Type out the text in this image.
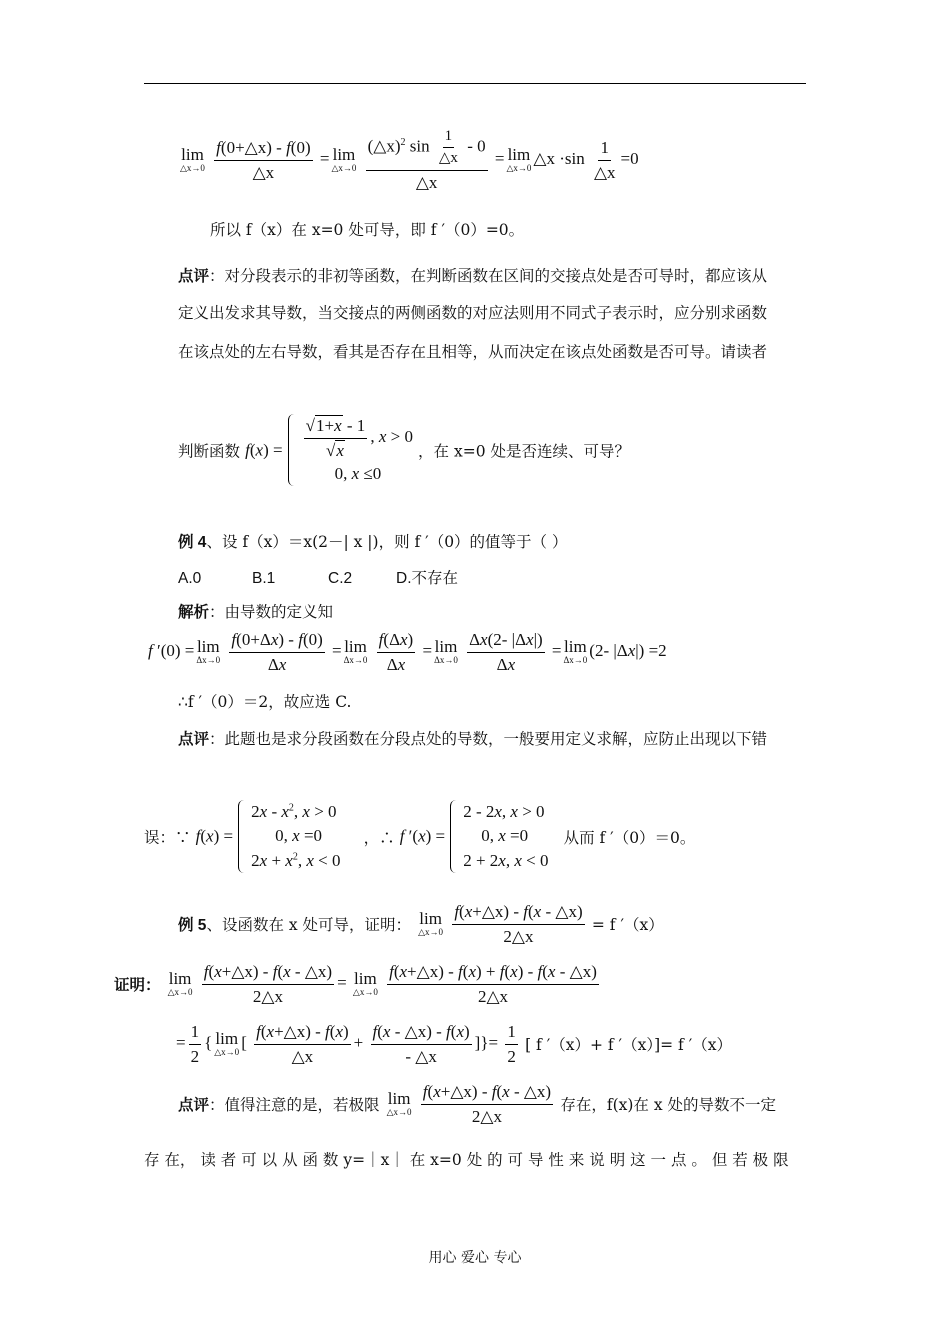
lim
△x→0
$\frac{f(0+\triangle x) - f(0)}{\triangle x} = \lim$
△x→0
$\frac{(\triangle x)^2 \sin \frac{1}{\triangle x} - 0}{\triangle x} = \lim$
△x→0
△x $\cdot\sin \frac{1}{\triangle x} =0$
所以 f（x）在 x=0 处可导，即 f ′（0）=0。
点评：对分段表示的非初等函数，在判断函数在区间的交接点处是否可导时，都应该从
定义出发求其导数，当交接点的两侧函数的对应法则用不同式子表示时，应分别求函数
在该点处的左右导数，看其是否存在且相等，从而决定在该点处函数是否可导。请读者
判断函数 $f(x) = \frac{√1+x - 1}{√x}$ , x > 0
0, x ≤0
，在 x=0 处是否连续、可导？
例 4、设 f（x）＝x(2－| x |)，则 f ′（0）的值等于（ ）
A.0	B.1	C.2	D.不存在
解析：由导数的定义知
f ′(0) = lim
Δx→0
$\frac{f(0+\Delta x) - f(0)}{\Delta x} = \lim$
Δx→0
$\frac{f(\Delta x)}{\Delta x} = \lim$
Δx→0
$\frac{\Delta x(2- |\Delta x|)}{\Delta x} = \lim$
Δx→0
(2- |Δx|) =2
∴f ′（0）＝2，故应选 C.
点评：此题也是求分段函数在分段点处的导数，一般要用定义求解，应防止出现以下错
误：∵ f(x) =
$2x - x^2$, x > 0
0, x =0
$2x + x^2$, x < 0
，∴ f ′(x) =
2 - 2x, x > 0
0, x =0
2 + 2x, x < 0
从而 f ′（0）＝0。
例 5、设函数在 x 处可导，证明： lim
△x→0
$\frac{f(x+\triangle x) - f(x - \triangle x)}{2\triangle x} = f$ ′（x）
证明： lim
△x→0
$\frac{f(x+\triangle x) - f(x - \triangle x)}{2\triangle x} = \lim$
△x→0
$\frac{f(x+\triangle x) - f(x) + f(x) - f(x - \triangle x)}{2\triangle x}$
= $\frac{1}{2}$ { lim
△x→0
[ $\frac{f(x+\triangle x) - f(x)}{\triangle x} + \frac{f(x - \triangle x) - f(x)}{- \triangle x}$ ]}= $\frac{1}{2}$ [ f ′（x）+ f ′（x）]= f ′（x）
点评：值得注意的是，若极限 lim
△x→0
$\frac{f(x+\triangle x) - f(x - \triangle x)}{2\triangle x}$ 存在，f(x)在 x 处的导数不一定
存 在， 读 者 可 以 从 函 数 y=｜x｜ 在 x=0 处 的 可 导 性 来 说 明 这 一 点 。 但 若 极 限
用心 爱心 专心
